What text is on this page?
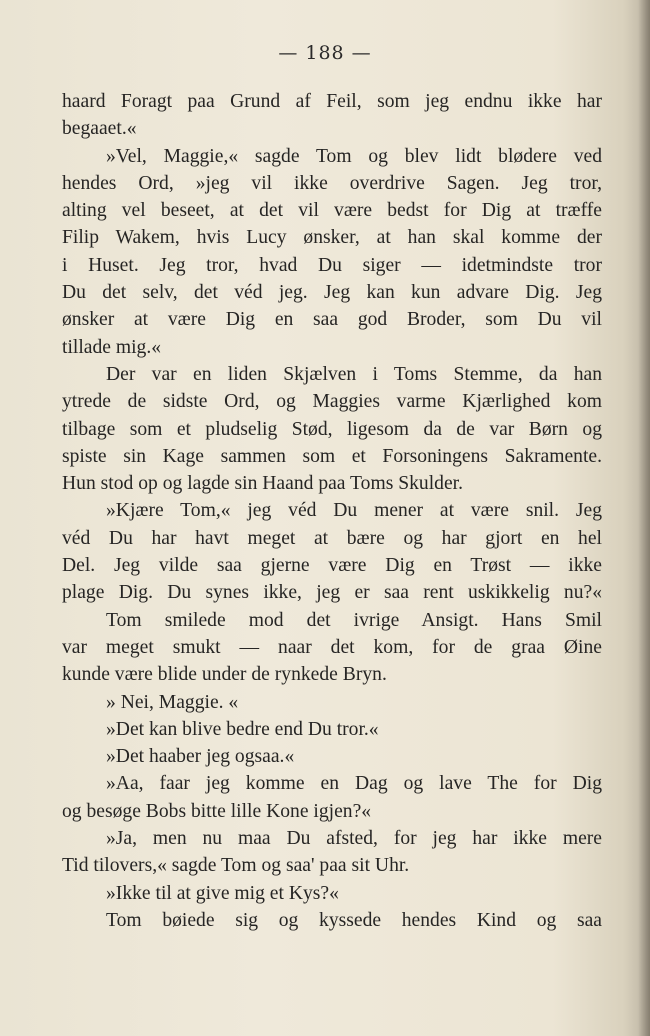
— 188 —
haard Foragt paa Grund af Feil, som jeg endnu ikke har
begaaet.«
»Vel, Maggie,« sagde Tom og blev lidt blødere ved
hendes Ord, »jeg vil ikke overdrive Sagen. Jeg tror,
alting vel beseet, at det vil være bedst for Dig at træffe
Filip Wakem, hvis Lucy ønsker, at han skal komme der
i Huset. Jeg tror, hvad Du siger — idetmindste tror
Du det selv, det véd jeg. Jeg kan kun advare Dig. Jeg
ønsker at være Dig en saa god Broder, som Du vil
tillade mig.«
Der var en liden Skjælven i Toms Stemme, da han
ytrede de sidste Ord, og Maggies varme Kjærlighed kom
tilbage som et pludselig Stød, ligesom da de var Børn og
spiste sin Kage sammen som et Forsoningens Sakramente.
Hun stod op og lagde sin Haand paa Toms Skulder.
»Kjære Tom,« jeg véd Du mener at være snil. Jeg
véd Du har havt meget at bære og har gjort en hel
Del. Jeg vilde saa gjerne være Dig en Trøst — ikke
plage Dig. Du synes ikke, jeg er saa rent uskikkelig nu?«
Tom smilede mod det ivrige Ansigt. Hans Smil
var meget smukt — naar det kom, for de graa Øine
kunde være blide under de rynkede Bryn.
» Nei, Maggie. «
»Det kan blive bedre end Du tror.«
»Det haaber jeg ogsaa.«
»Aa, faar jeg komme en Dag og lave The for Dig
og besøge Bobs bitte lille Kone igjen?«
»Ja, men nu maa Du afsted, for jeg har ikke mere
Tid tilovers,« sagde Tom og saa' paa sit Uhr.
»Ikke til at give mig et Kys?«
Tom bøiede sig og kyssede hendes Kind og saa
